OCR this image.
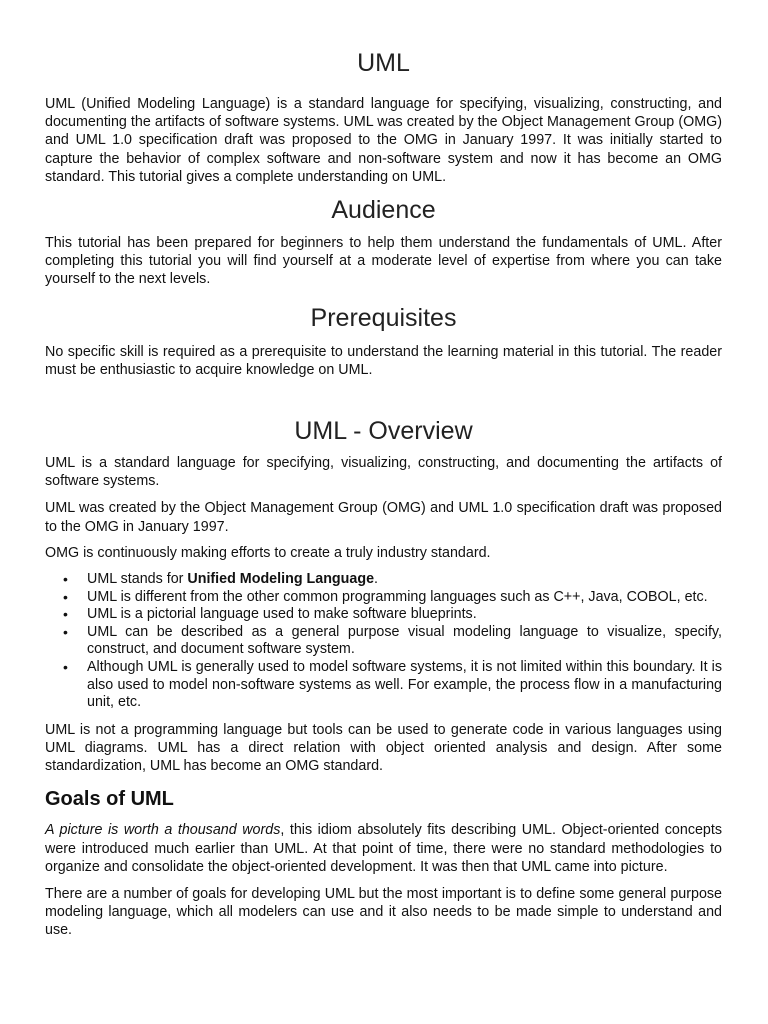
UML

UML (Unified Modeling Language) is a standard language for specifying, visualizing, constructing, and documenting the artifacts of software systems. UML was created by the Object Management Group (OMG) and UML 1.0 specification draft was proposed to the OMG in January 1997. It was initially started to capture the behavior of complex software and non-software system and now it has become an OMG standard. This tutorial gives a complete understanding on UML.

Audience

This tutorial has been prepared for beginners to help them understand the fundamentals of UML. After completing this tutorial you will find yourself at a moderate level of expertise from where you can take yourself to the next levels.

Prerequisites

No specific skill is required as a prerequisite to understand the learning material in this tutorial. The reader must be enthusiastic to acquire knowledge on UML.

UML - Overview

UML is a standard language for specifying, visualizing, constructing, and documenting the artifacts of software systems.

UML was created by the Object Management Group (OMG) and UML 1.0 specification draft was proposed to the OMG in January 1997.

OMG is continuously making efforts to create a truly industry standard.

• UML stands for Unified Modeling Language.
• UML is different from the other common programming languages such as C++, Java, COBOL, etc.
• UML is a pictorial language used to make software blueprints.
• UML can be described as a general purpose visual modeling language to visualize, specify, construct, and document software system.
• Although UML is generally used to model software systems, it is not limited within this boundary. It is also used to model non-software systems as well. For example, the process flow in a manufacturing unit, etc.

UML is not a programming language but tools can be used to generate code in various languages using UML diagrams. UML has a direct relation with object oriented analysis and design. After some standardization, UML has become an OMG standard.

Goals of UML

A picture is worth a thousand words, this idiom absolutely fits describing UML. Object-oriented concepts were introduced much earlier than UML. At that point of time, there were no standard methodologies to organize and consolidate the object-oriented development. It was then that UML came into picture.

There are a number of goals for developing UML but the most important is to define some general purpose modeling language, which all modelers can use and it also needs to be made simple to understand and use.
